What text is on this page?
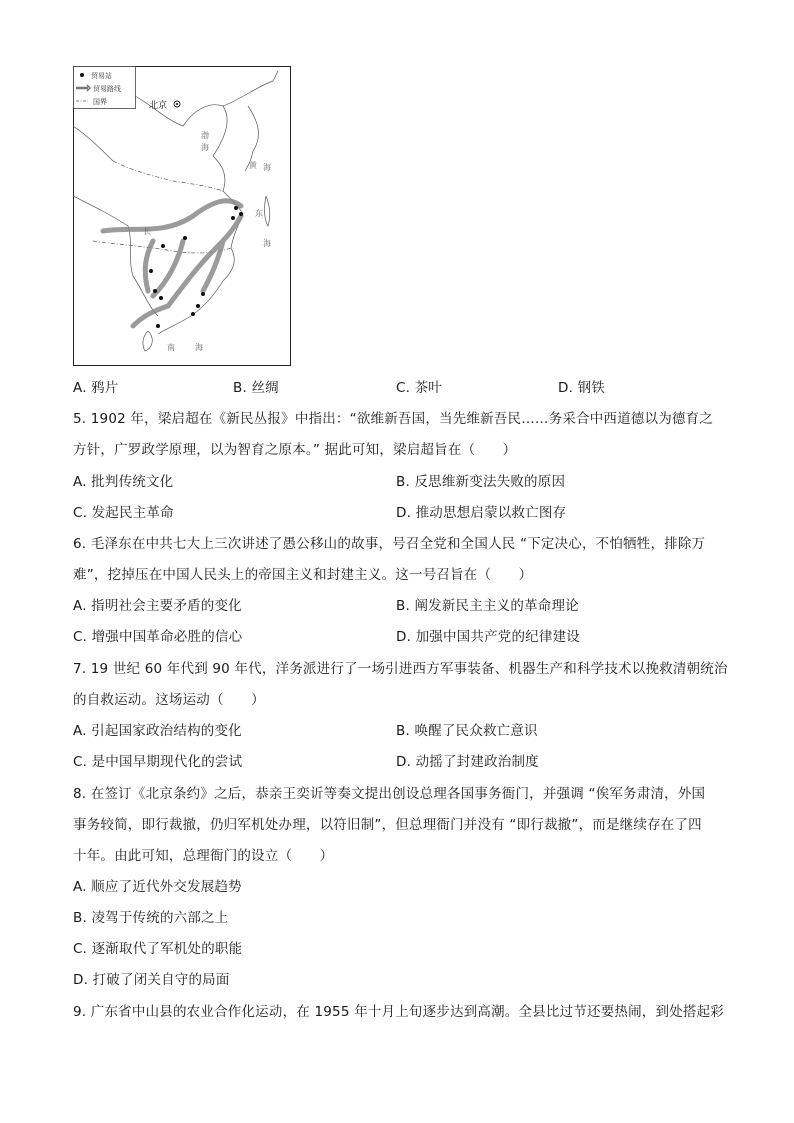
贸易站
贸易路线
国界	北京
渤
海
黄 海
东
海
南	海
长
A. 鸦片	B. 丝绸	C. 茶叶	D. 钢铁
5. 1902 年，梁启超在《新民丛报》中指出：“欲维新吾国，当先维新吾民……务采合中西道德以为德育之
方针，广罗政学原理，以为智育之原本。” 据此可知，梁启超旨在（　　）
A. 批判传统文化	B. 反思维新变法失败的原因
C. 发起民主革命	D. 推动思想启蒙以救亡图存
6. 毛泽东在中共七大上三次讲述了愚公移山的故事，号召全党和全国人民 “下定决心，不怕牺牲，排除万
难”，挖掉压在中国人民头上的帝国主义和封建主义。这一号召旨在（　　）
A. 指明社会主要矛盾的变化	B. 阐发新民主主义的革命理论
C. 增强中国革命必胜的信心	D. 加强中国共产党的纪律建设
7. 19 世纪 60 年代到 90 年代，洋务派进行了一场引进西方军事装备、机器生产和科学技术以挽救清朝统治
的自救运动。这场运动（　　）
A. 引起国家政治结构的变化	B. 唤醒了民众救亡意识
C. 是中国早期现代化的尝试	D. 动摇了封建政治制度
8. 在签订《北京条约》之后，恭亲王奕䜣等奏文提出创设总理各国事务衙门，并强调 “俟军务肃清，外国
事务较简，即行裁撤，仍归军机处办理，以符旧制”，但总理衙门并没有 “即行裁撤”，而是继续存在了四
十年。由此可知，总理衙门的设立（　　）
A. 顺应了近代外交发展趋势
B. 凌驾于传统的六部之上
C. 逐渐取代了军机处的职能
D. 打破了闭关自守的局面
9. 广东省中山县的农业合作化运动，在 1955 年十月上旬逐步达到高潮。全县比过节还要热闹，到处搭起彩
